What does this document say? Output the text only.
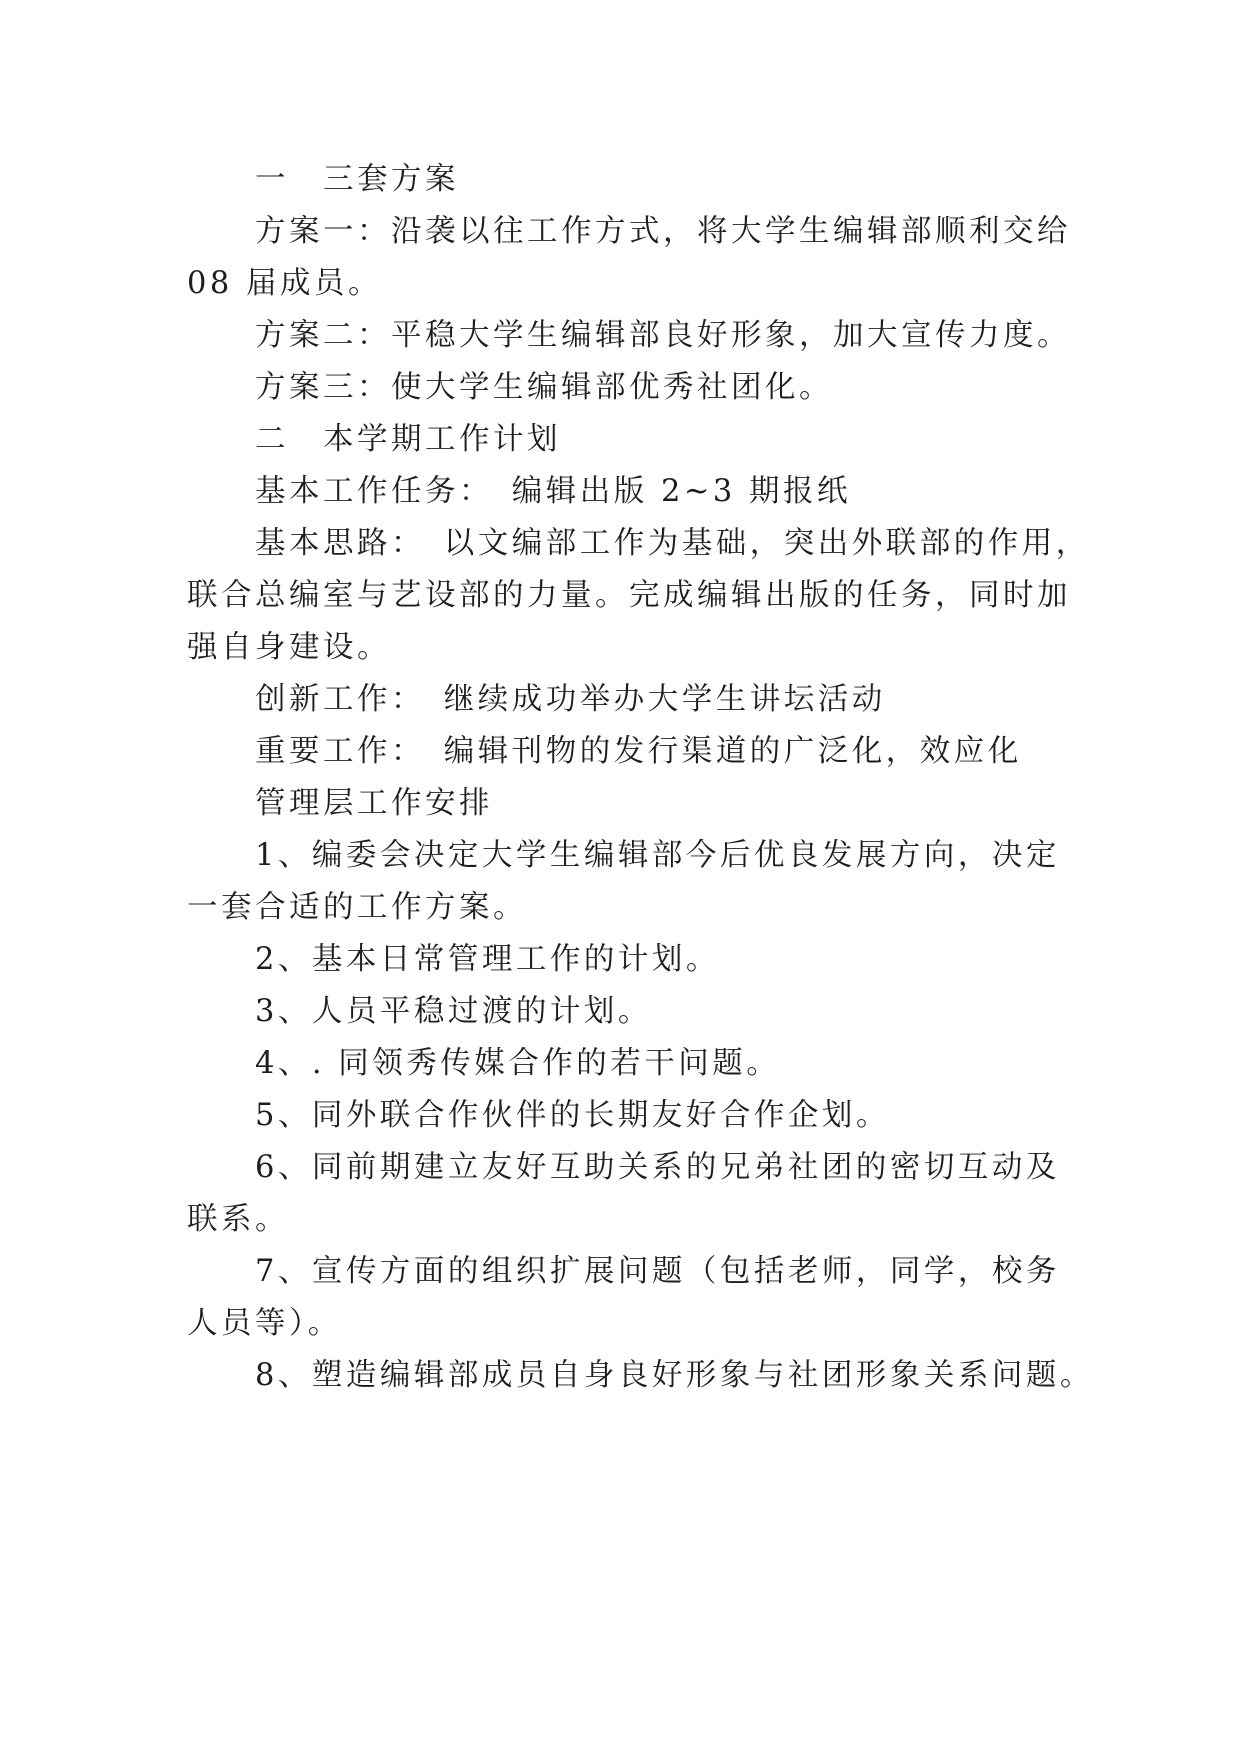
一　三套方案
方案一：沿袭以往工作方式，将大学生编辑部顺利交给
08 届成员。
方案二：平稳大学生编辑部良好形象，加大宣传力度。
方案三：使大学生编辑部优秀社团化。
二　本学期工作计划
基本工作任务：　编辑出版 2~3 期报纸
基本思路：　以文编部工作为基础，突出外联部的作用，
联合总编室与艺设部的力量。完成编辑出版的任务，同时加
强自身建设。
创新工作：　继续成功举办大学生讲坛活动
重要工作：　编辑刊物的发行渠道的广泛化，效应化
管理层工作安排
1、编委会决定大学生编辑部今后优良发展方向，决定
一套合适的工作方案。
2、基本日常管理工作的计划。
3、人员平稳过渡的计划。
4、. 同领秀传媒合作的若干问题。
5、同外联合作伙伴的长期友好合作企划。
6、同前期建立友好互助关系的兄弟社团的密切互动及
联系。
7、宣传方面的组织扩展问题（包括老师，同学，校务
人员等）。
8、塑造编辑部成员自身良好形象与社团形象关系问题。
